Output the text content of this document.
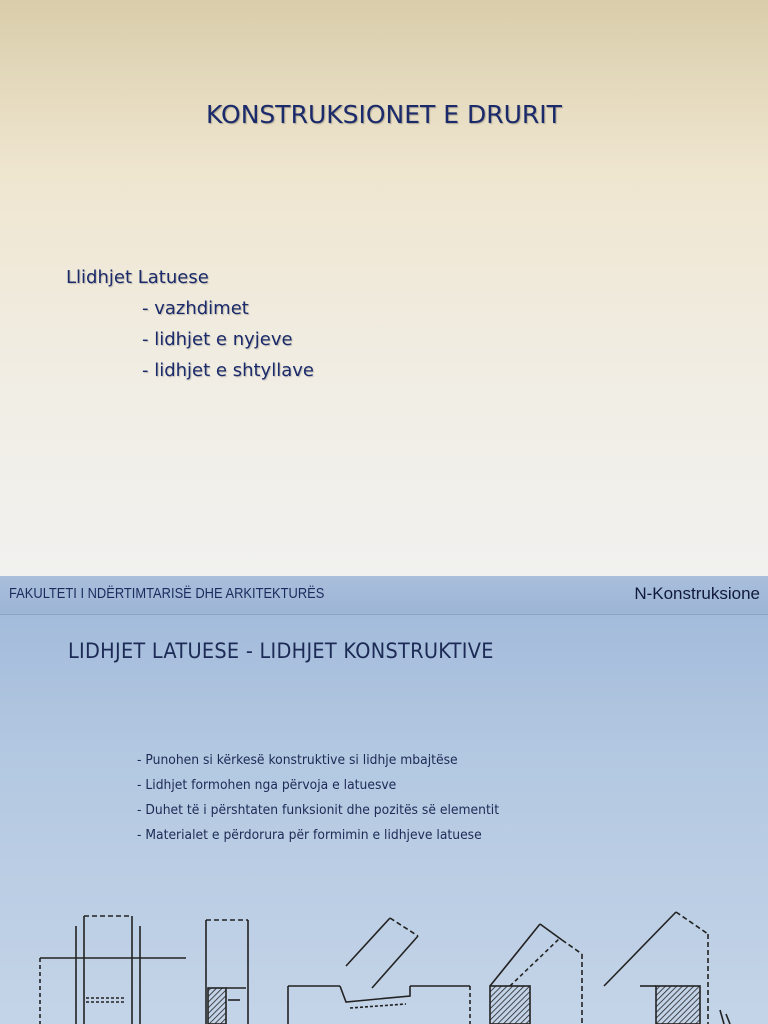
KONSTRUKSIONET E DRURIT
Llidhjet Latuese
- vazhdimet
- lidhjet e nyjeve
- lidhjet e shtyllave
FAKULTETI I NDËRTIMTARISË DHE ARKITEKTURËS	N-Konstruksione
LIDHJET LATUESE - LIDHJET KONSTRUKTIVE
- Punohen si kërkesë konstruktive si lidhje mbajtëse
- Lidhjet formohen nga përvoja e latuesve
- Duhet të i përshtaten funksionit dhe pozitës së elementit
- Materialet e përdorura për formimin e lidhjeve latuese
